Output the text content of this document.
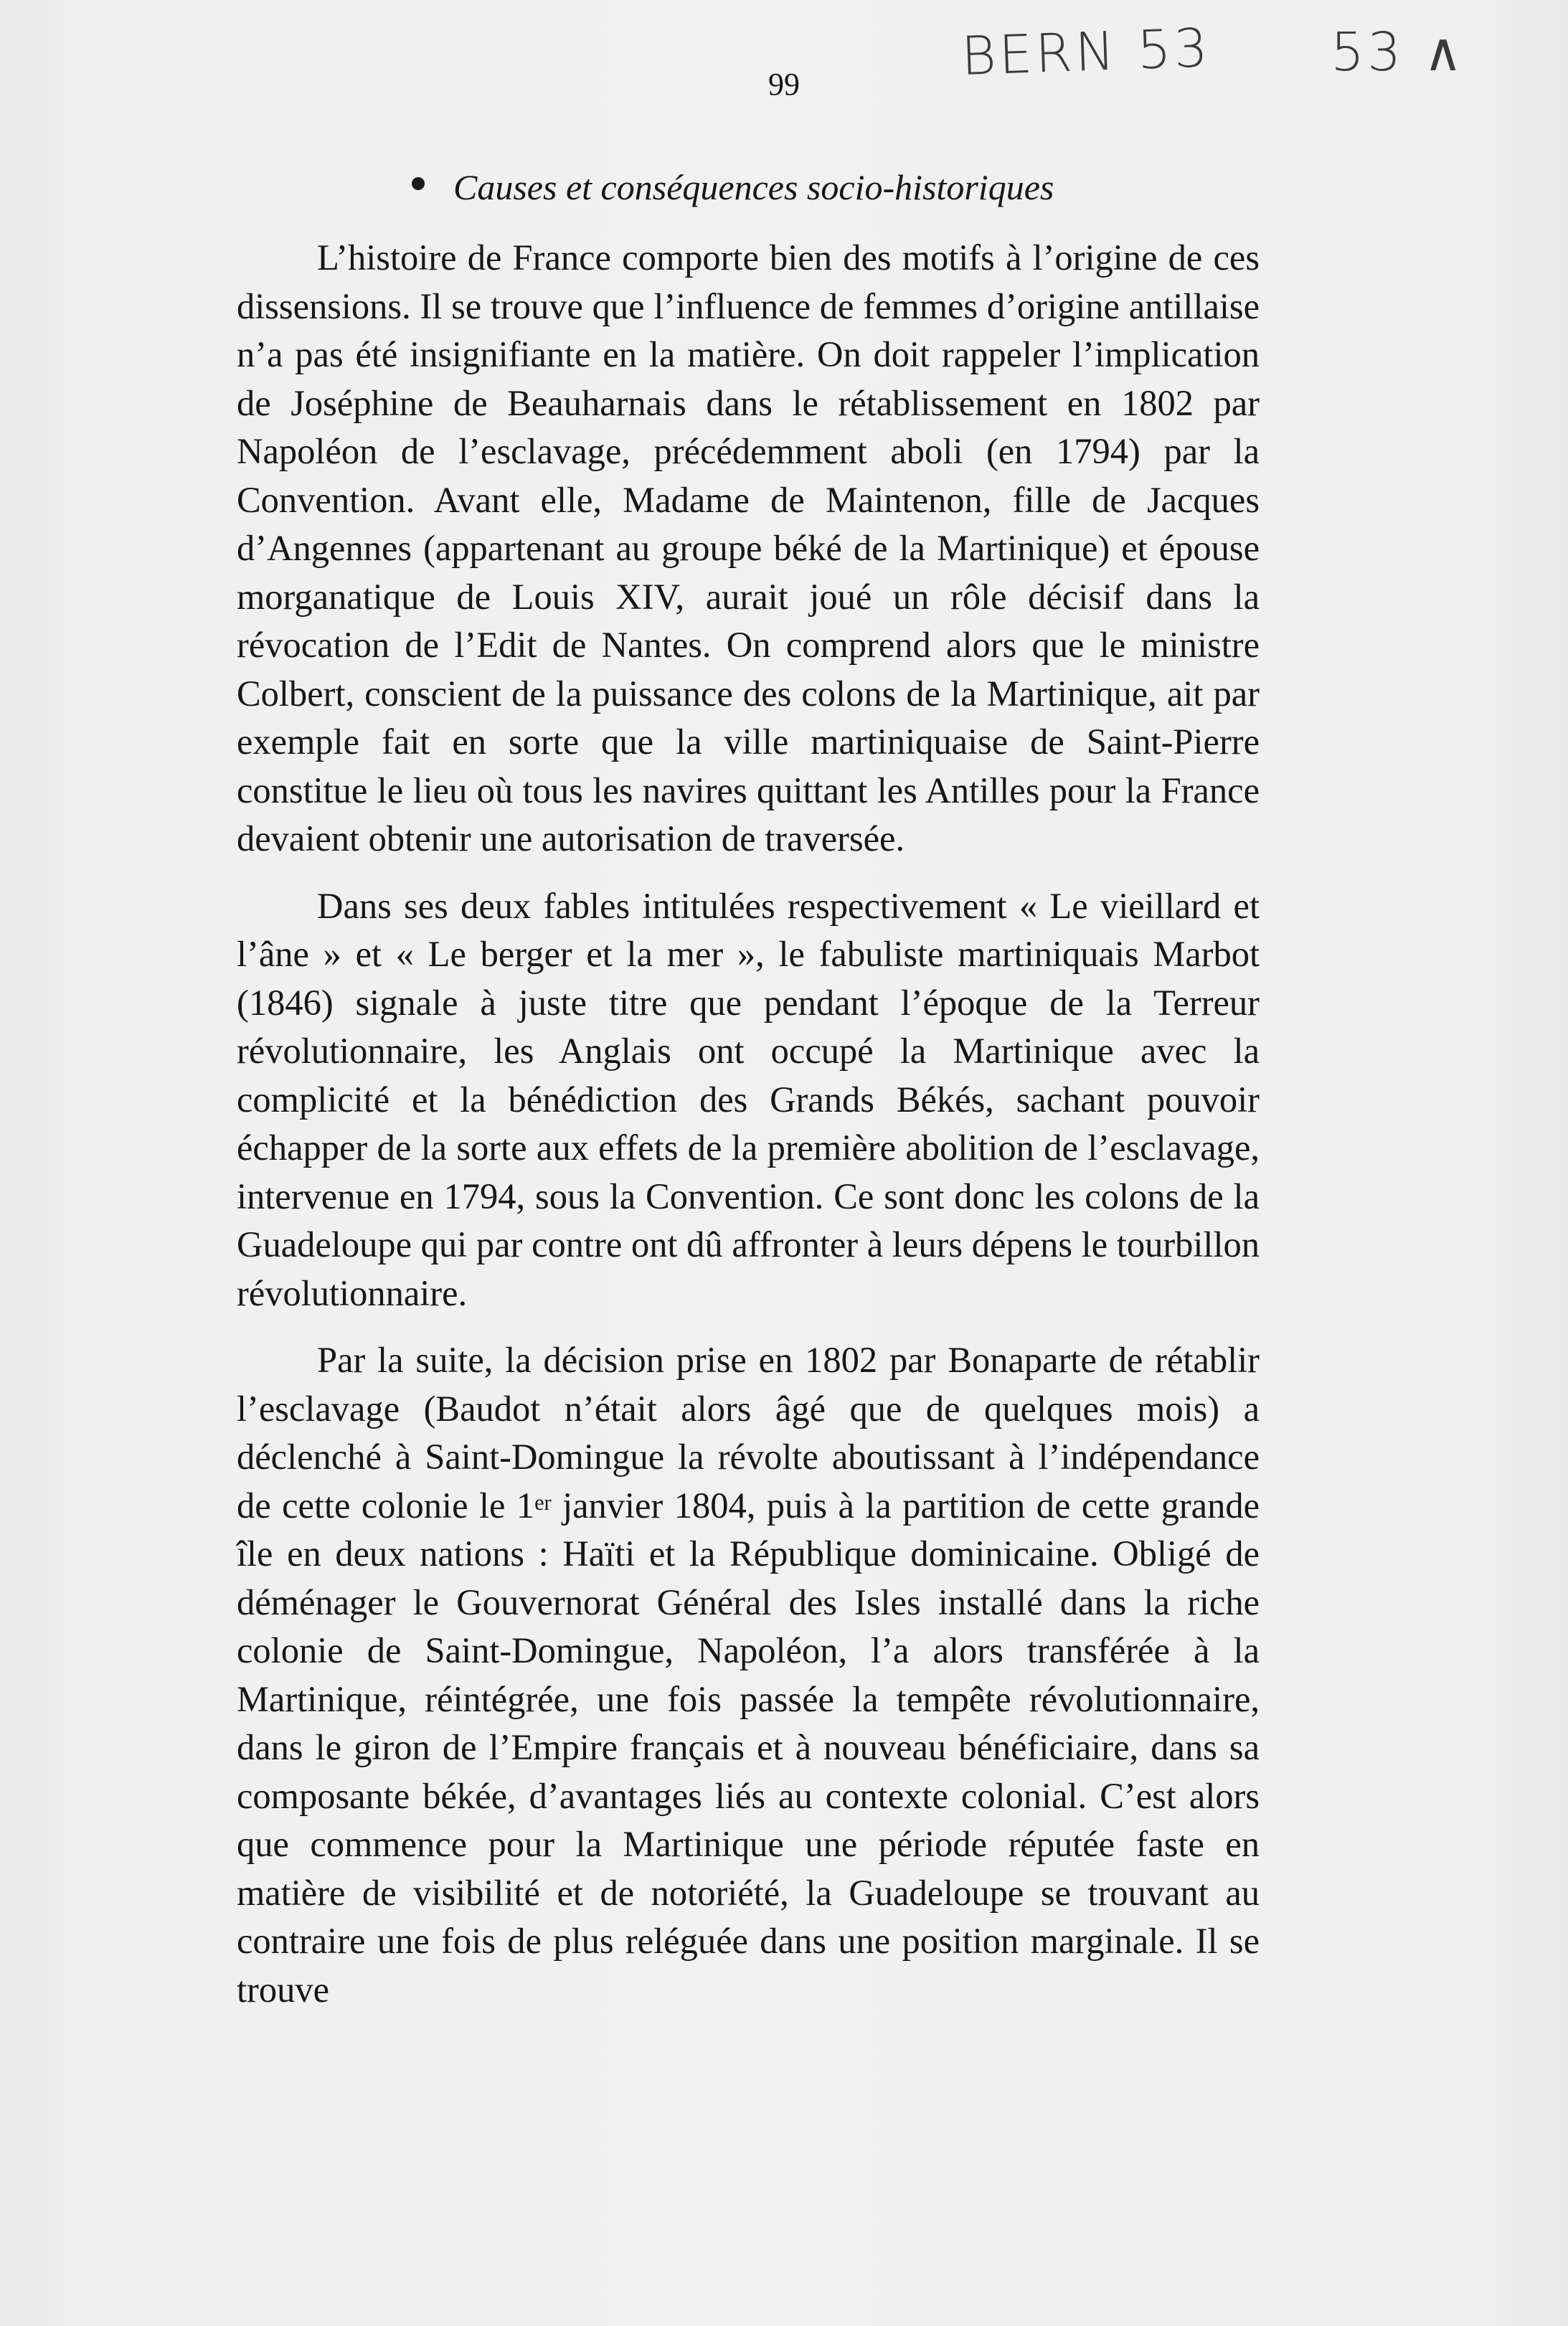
BERN 53 53 ∧
99
Causes et conséquences socio-historiques

L’histoire de France comporte bien des motifs à l’origine de ces dissensions. Il se trouve que l’influence de femmes d’origine antillaise n’a pas été insignifiante en la matière. On doit rappeler l’implication de Joséphine de Beauharnais dans le rétablissement en 1802 par Napoléon de l’esclavage, précédemment aboli (en 1794) par la Convention. Avant elle, Madame de Maintenon, fille de Jacques d’Angennes (appartenant au groupe béké de la Martinique) et épouse morganatique de Louis XIV, aurait joué un rôle décisif dans la révocation de l’Edit de Nantes. On comprend alors que le ministre Colbert, conscient de la puissance des colons de la Martinique, ait par exemple fait en sorte que la ville martiniquaise de Saint-Pierre constitue le lieu où tous les navires quittant les Antilles pour la France devaient obtenir une autorisation de traversée.

Dans ses deux fables intitulées respectivement « Le vieillard et l’âne » et « Le berger et la mer », le fabuliste martiniquais Marbot (1846) signale à juste titre que pendant l’époque de la Terreur révolutionnaire, les Anglais ont occupé la Martinique avec la complicité et la bénédiction des Grands Békés, sachant pouvoir échapper de la sorte aux effets de la première abolition de l’esclavage, intervenue en 1794, sous la Convention. Ce sont donc les colons de la Guadeloupe qui par contre ont dû affronter à leurs dépens le tourbillon révolutionnaire.

Par la suite, la décision prise en 1802 par Bonaparte de rétablir l’esclavage (Baudot n’était alors âgé que de quelques mois) a déclenché à Saint-Domingue la révolte aboutissant à l’indépendance de cette colonie le 1er janvier 1804, puis à la partition de cette grande île en deux nations : Haïti et la République dominicaine. Obligé de déménager le Gouvernorat Général des Isles installé dans la riche colonie de Saint-Domingue, Napoléon, l’a alors transférée à la Martinique, réintégrée, une fois passée la tempête révolutionnaire, dans le giron de l’Empire français et à nouveau bénéficiaire, dans sa composante békée, d’avantages liés au contexte colonial. C’est alors que commence pour la Martinique une période réputée faste en matière de visibilité et de notoriété, la Guadeloupe se trouvant au contraire une fois de plus reléguée dans une position marginale. Il se trouve
